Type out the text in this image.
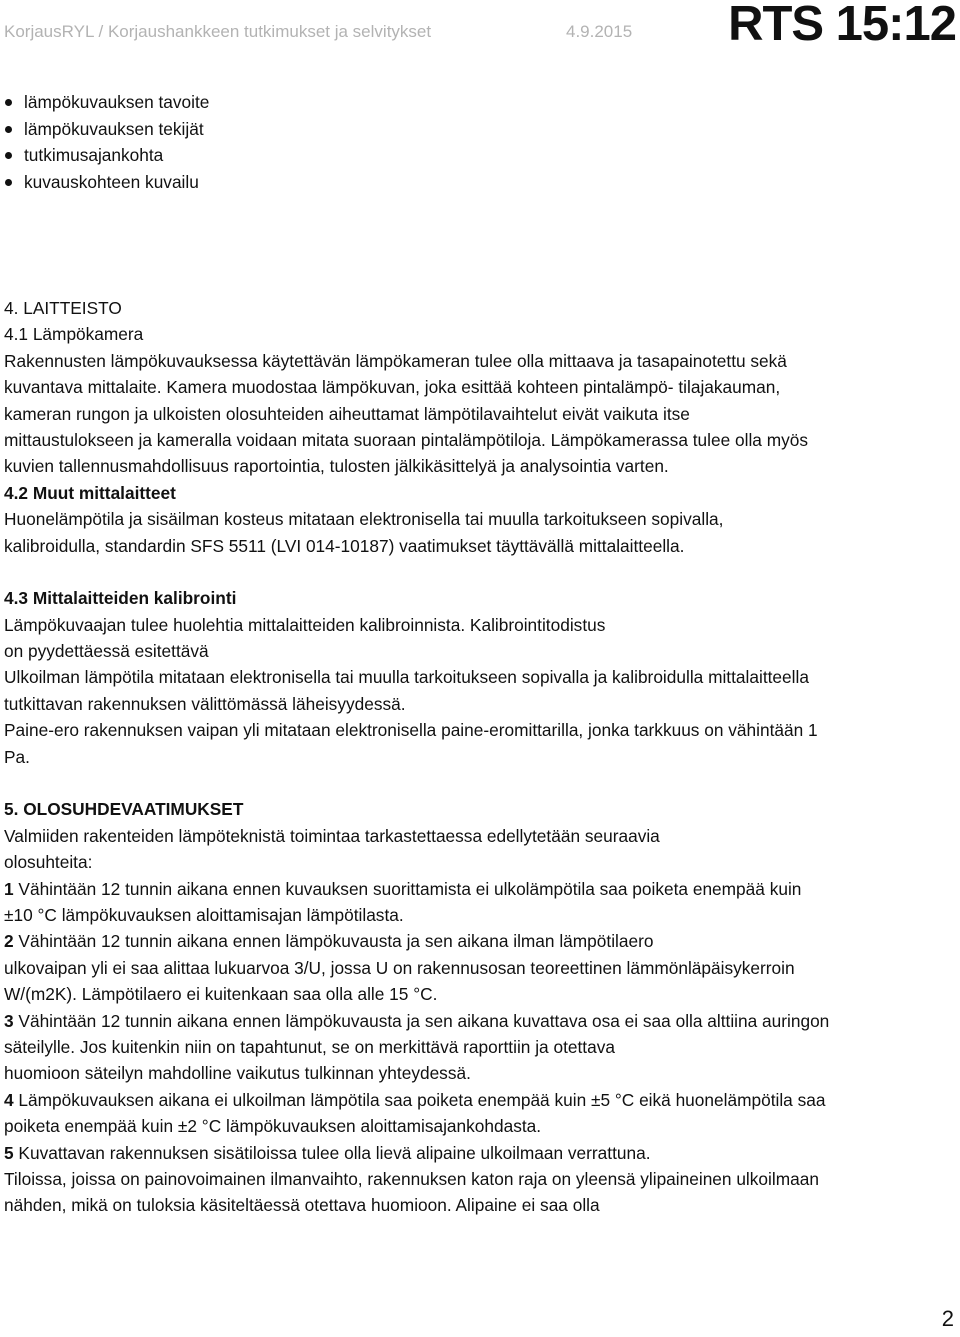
KorjausRYL / Korjaushankkeen tutkimukset ja selvitykset	4.9.2015 RTS 15:12
lämpökuvauksen tavoite
lämpökuvauksen tekijät
tutkimusajankohta
kuvauskohteen kuvailu
4. LAITTEISTO
4.1 Lämpökamera
Rakennusten lämpökuvauksessa käytettävän lämpökameran tulee olla mittaava ja tasapainotettu sekä
kuvantava mittalaite. Kamera muodostaa lämpökuvan, joka esittää kohteen pintalämpö- tilajakauman,
kameran rungon ja ulkoisten olosuhteiden aiheuttamat lämpötilavaihtelut eivät vaikuta itse
mittaustulokseen ja kameralla voidaan mitata suoraan pintalämpötiloja. Lämpökamerassa tulee olla myös
kuvien tallennusmahdollisuus raportointia, tulosten jälkikäsittelyä ja analysointia varten.
4.2 Muut mittalaitteet
Huonelämpötila ja sisäilman kosteus mitataan elektronisella tai muulla tarkoitukseen sopivalla,
kalibroidulla, standardin SFS 5511 (LVI 014-10187) vaatimukset täyttävällä mittalaitteella.
4.3 Mittalaitteiden kalibrointi
Lämpökuvaajan tulee huolehtia mittalaitteiden kalibroinnista. Kalibrointitodistus
on pyydettäessä esitettävä
Ulkoilman lämpötila mitataan elektronisella tai muulla tarkoitukseen sopivalla ja kalibroidulla mittalaitteella
tutkittavan rakennuksen välittömässä läheisyydessä.
Paine-ero rakennuksen vaipan yli mitataan elektronisella paine-eromittarilla, jonka tarkkuus on vähintään 1
Pa.
5. OLOSUHDEVAATIMUKSET
Valmiiden rakenteiden lämpöteknistä toimintaa tarkastettaessa edellytetään seuraavia
olosuhteita:
1 Vähintään 12 tunnin aikana ennen kuvauksen suorittamista ei ulkolämpötila saa poiketa enempää kuin
±10 °C lämpökuvauksen aloittamisajan lämpötilasta.
2 Vähintään 12 tunnin aikana ennen lämpökuvausta ja sen aikana ilman lämpötilaero
ulkovaipan yli ei saa alittaa lukuarvoa 3/U, jossa U on rakennusosan teoreettinen lämmönläpäisykerroin
W/(m2K). Lämpötilaero ei kuitenkaan saa olla alle 15 °C.
3 Vähintään 12 tunnin aikana ennen lämpökuvausta ja sen aikana kuvattava osa ei saa olla alttiina auringon
säteilylle. Jos kuitenkin niin on tapahtunut, se on merkittävä raporttiin ja otettava
huomioon säteilyn mahdolline vaikutus tulkinnan yhteydessä.
4 Lämpökuvauksen aikana ei ulkoilman lämpötila saa poiketa enempää kuin ±5 °C eikä huonelämpötila saa
poiketa enempää kuin ±2 °C lämpökuvauksen aloittamisajankohdasta.
5 Kuvattavan rakennuksen sisätiloissa tulee olla lievä alipaine ulkoilmaan verrattuna.
Tiloissa, joissa on painovoimainen ilmanvaihto, rakennuksen katon raja on yleensä ylipaineinen ulkoilmaan
nähden, mikä on tuloksia käsiteltäessä otettava huomioon. Alipaine ei saa olla
2
